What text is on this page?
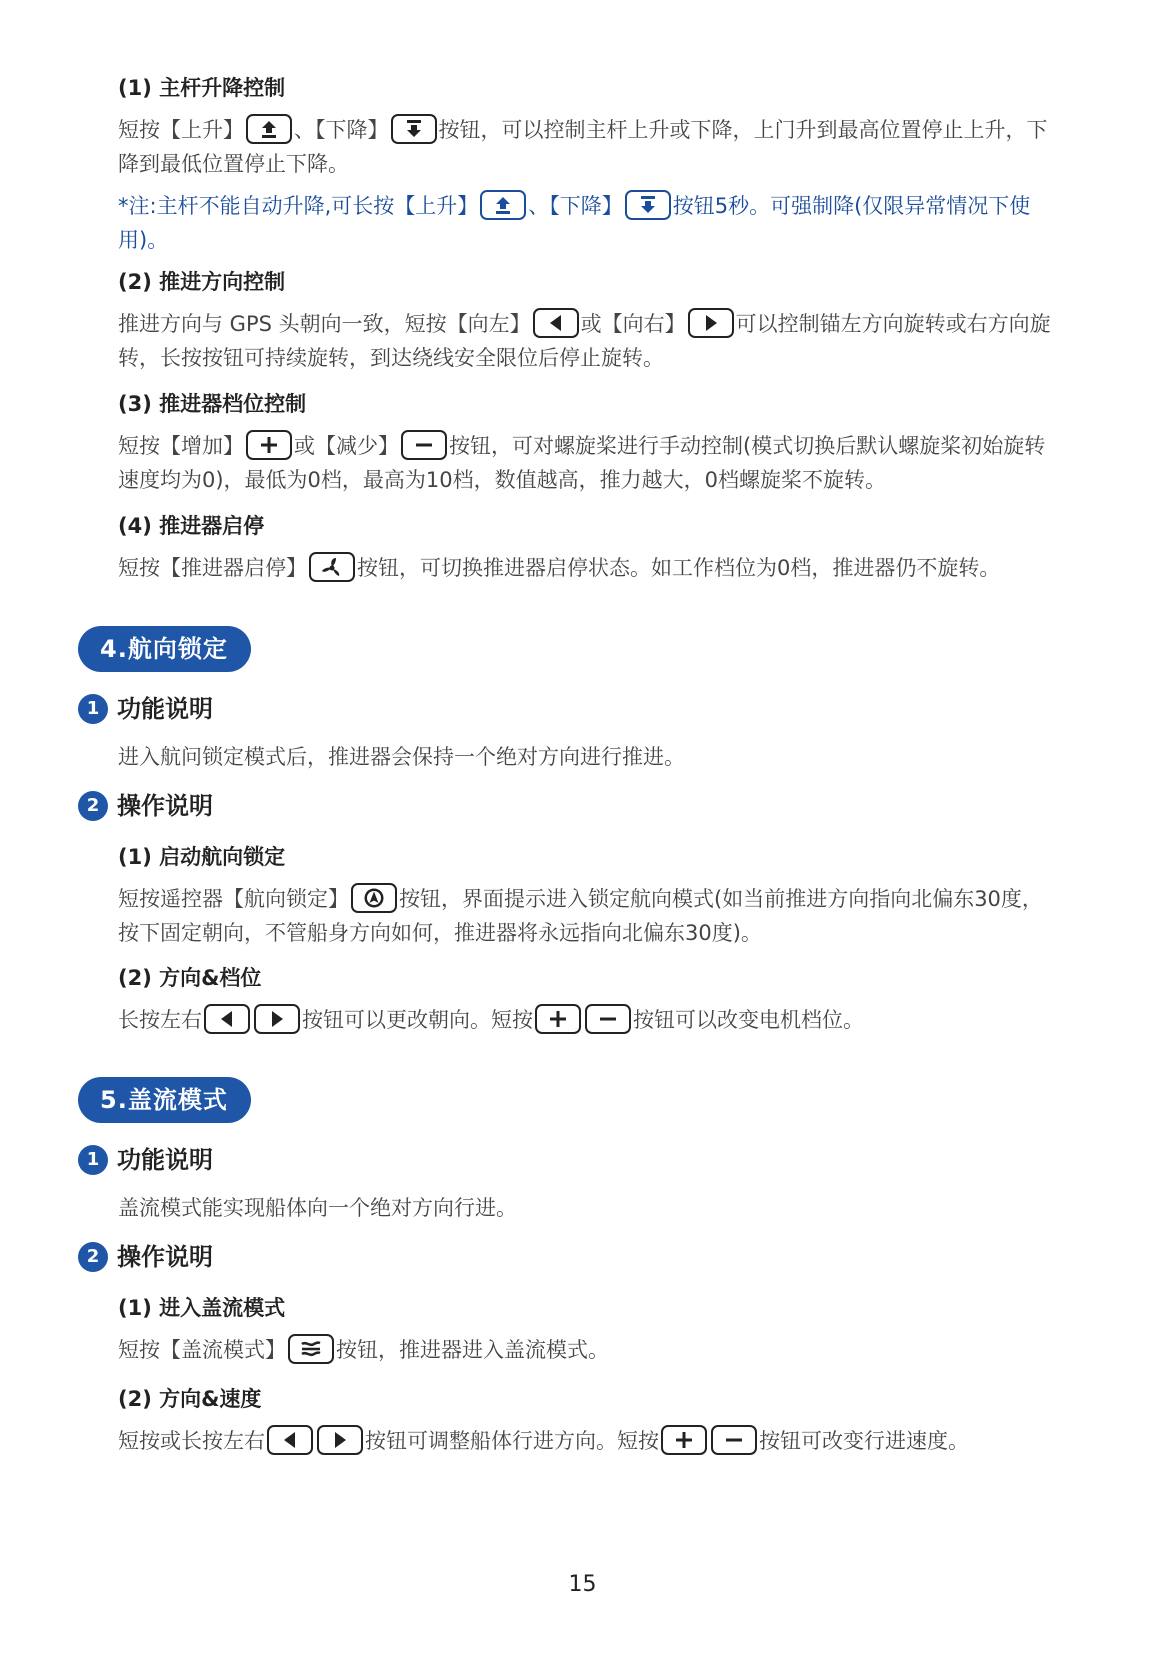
(1) 主杆升降控制
短按【上升】 、【下降】 按钮，可以控制主杆上升或下降，上门升到最高位置停止上升，下降到最低位置停止下降。
*注:主杆不能自动升降,可长按【上升】 、【下降】 按钮5秒。可强制降(仅限异常情况下使用)。
(2) 推进方向控制
推进方向与 GPS 头朝向一致，短按【向左】 或【向右】 可以控制锚左方向旋转或右方向旋转，长按按钮可持续旋转，到达绕线安全限位后停止旋转。
(3) 推进器档位控制
短按【增加】 或【减少】 按钮，可对螺旋桨进行手动控制(模式切换后默认螺旋桨初始旋转速度均为0)，最低为0档，最高为10档，数值越高，推力越大，0档螺旋桨不旋转。
(4) 推进器启停
短按【推进器启停】 按钮，可切换推进器启停状态。如工作档位为0档，推进器仍不旋转。
4.航向锁定
1 功能说明
进入航问锁定模式后，推进器会保持一个绝对方向进行推进。
2 操作说明
(1) 启动航向锁定
短按遥控器【航向锁定】 按钮，界面提示进入锁定航向模式(如当前推进方向指向北偏东30度，按下固定朝向，不管船身方向如何，推进器将永远指向北偏东30度)。
(2) 方向&档位
长按左右	按钮可以更改朝向。短按	按钮可以改变电机档位。
5.盖流模式
1 功能说明
盖流模式能实现船体向一个绝对方向行进。
2 操作说明
(1) 进入盖流模式
短按【盖流模式】 按钮，推进器进入盖流模式。
(2) 方向&速度
短按或长按左右	按钮可调整船体行进方向。短按	按钮可改变行进速度。
15
